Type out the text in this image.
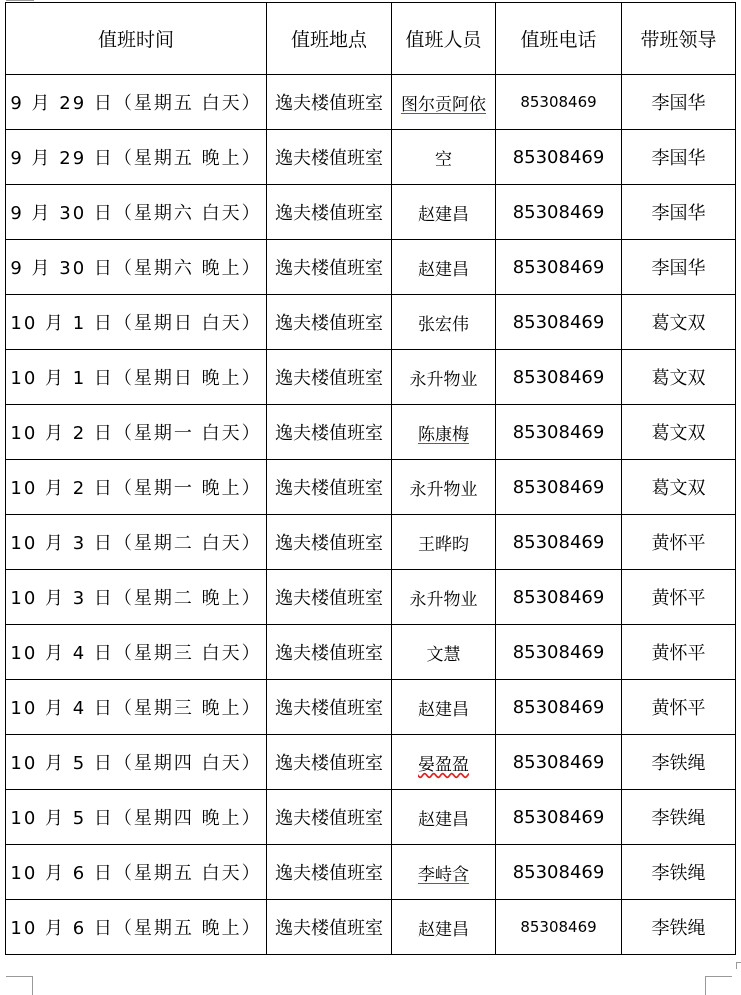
值班时间	值班地点	值班人员	值班电话	带班领导
9 月 29 日（星期五 白天）	逸夫楼值班室	图尔贡阿依	85308469	李国华
9 月 29 日（星期五 晚上）	逸夫楼值班室	空	85308469	李国华
9 月 30 日（星期六 白天）	逸夫楼值班室	赵建昌	85308469	李国华
9 月 30 日（星期六 晚上）	逸夫楼值班室	赵建昌	85308469	李国华
10 月 1 日（星期日 白天）	逸夫楼值班室	张宏伟	85308469	葛文双
10 月 1 日（星期日 晚上）	逸夫楼值班室	永升物业	85308469	葛文双
10 月 2 日（星期一 白天）	逸夫楼值班室	陈康梅	85308469	葛文双
10 月 2 日（星期一 晚上）	逸夫楼值班室	永升物业	85308469	葛文双
10 月 3 日（星期二 白天）	逸夫楼值班室	王晔昀	85308469	黄怀平
10 月 3 日（星期二 晚上）	逸夫楼值班室	永升物业	85308469	黄怀平
10 月 4 日（星期三 白天）	逸夫楼值班室	文慧	85308469	黄怀平
10 月 4 日（星期三 晚上）	逸夫楼值班室	赵建昌	85308469	黄怀平
10 月 5 日（星期四 白天）	逸夫楼值班室	晏盈盈	85308469	李铁绳
10 月 5 日（星期四 晚上）	逸夫楼值班室	赵建昌	85308469	李铁绳
10 月 6 日（星期五 白天）	逸夫楼值班室	李峙含	85308469	李铁绳
10 月 6 日（星期五 晚上）	逸夫楼值班室	赵建昌	85308469	李铁绳
